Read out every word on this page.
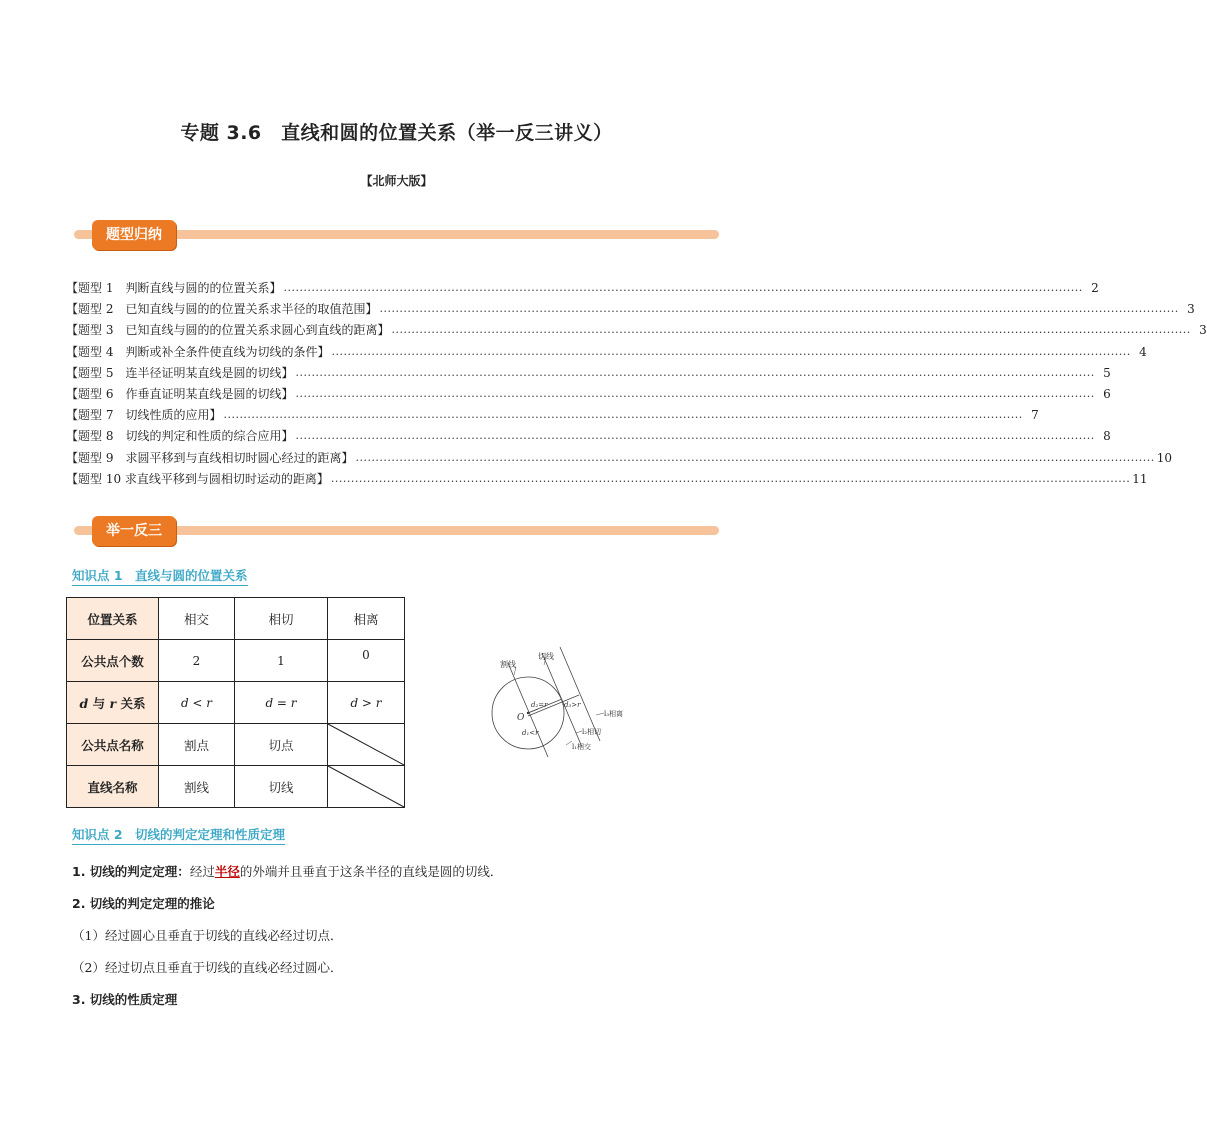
专题 3.6　直线和圆的位置关系（举一反三讲义）
【北师大版】
题型归纳
【题型 1　判断直线与圆的的位置关系】 ........................................................................................................................................................................................................ 2
【题型 2　已知直线与圆的的位置关系求半径的取值范围】 ........................................................................................................................................................................................................ 3
【题型 3　已知直线与圆的的位置关系求圆心到直线的距离】 ........................................................................................................................................................................................................ 3
【题型 4　判断或补全条件使直线为切线的条件】 ........................................................................................................................................................................................................ 4
【题型 5　连半径证明某直线是圆的切线】 ........................................................................................................................................................................................................ 5
【题型 6　作垂直证明某直线是圆的切线】 ........................................................................................................................................................................................................ 6
【题型 7　切线性质的应用】 ........................................................................................................................................................................................................ 7
【题型 8　切线的判定和性质的综合应用】 ........................................................................................................................................................................................................ 8
【题型 9　求圆平移到与直线相切时圆心经过的距离】 ........................................................................................................................................................................................................ 10
【题型 10 求直线平移到与圆相切时运动的距离】 ........................................................................................................................................................................................................ 11
举一反三
知识点 1　直线与圆的位置关系
位置关系	相交	相切	相离
公共点个数	2	1	0
d 与 r 关系	d < r	d = r	d > r
公共点名称	割点	切点	

直线名称	割线	切线	
割线
切线
O
d₁<r
d₂=r d₃>r
l₃相离
l₂相切
l₁相交
知识点 2　切线的判定定理和性质定理
1. 切线的判定定理：经过半径的外端并且垂直于这条半径的直线是圆的切线．
2. 切线的判定定理的推论
（1）经过圆心且垂直于切线的直线必经过切点．
（2）经过切点且垂直于切线的直线必经过圆心．
3. 切线的性质定理
